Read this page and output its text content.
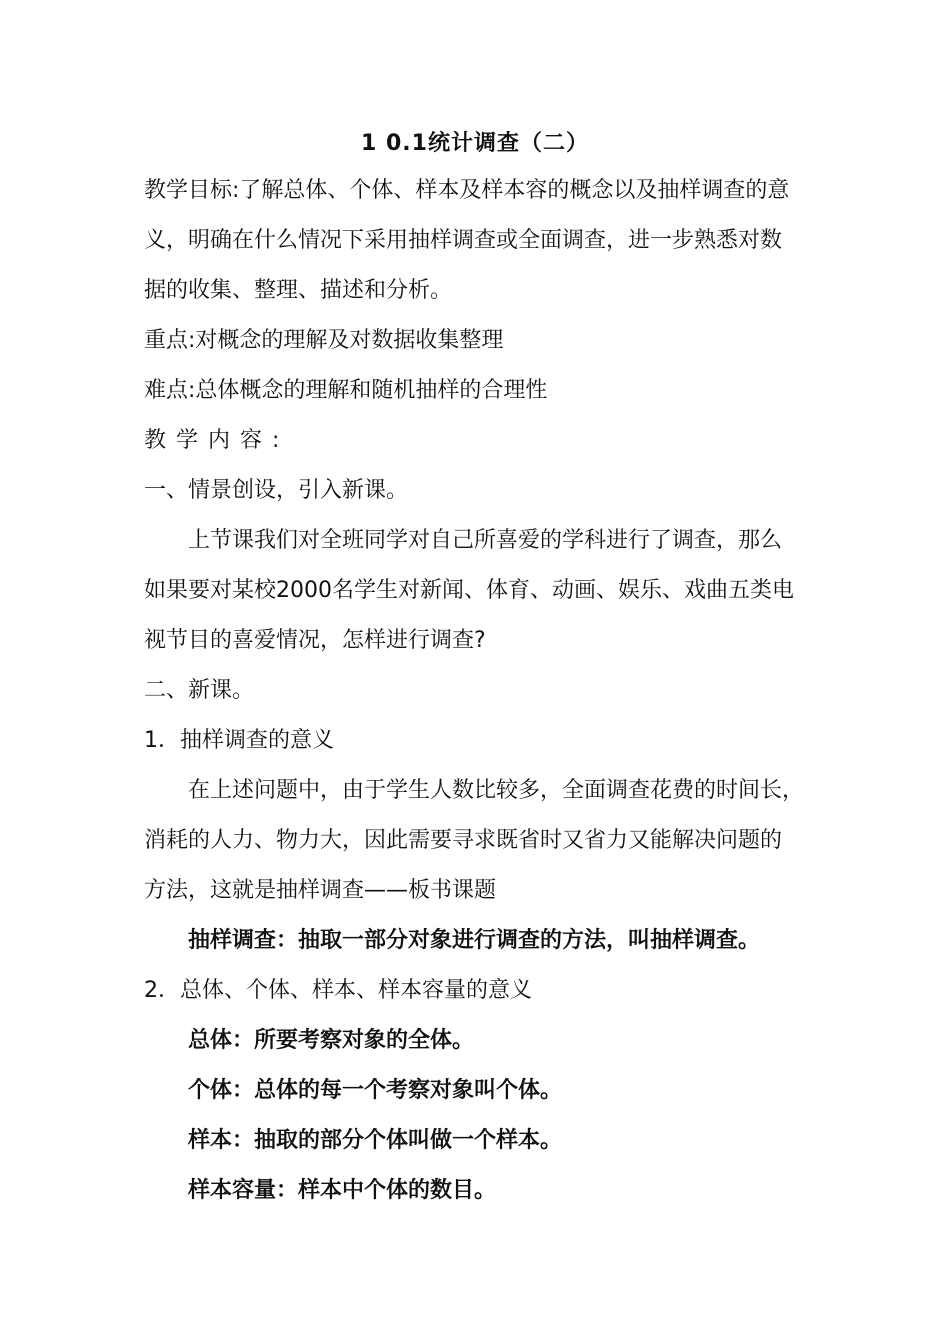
1 0.1统计调查（二）
教学目标:了解总体、个体、样本及样本容的概念以及抽样调查的意
义，明确在什么情况下采用抽样调查或全面调查，进一步熟悉对数
据的收集、整理、描述和分析。
重点:对概念的理解及对数据收集整理
难点:总体概念的理解和随机抽样的合理性
教学内容:
一、情景创设，引入新课。
上节课我们对全班同学对自己所喜爱的学科进行了调查，那么
如果要对某校2000名学生对新闻、体育、动画、娱乐、戏曲五类电
视节目的喜爱情况，怎样进行调查?
二、新课。
1．抽样调查的意义
在上述问题中，由于学生人数比较多，全面调查花费的时间长，
消耗的人力、物力大，因此需要寻求既省时又省力又能解决问题的
方法，这就是抽样调查——板书课题
抽样调查：抽取一部分对象进行调查的方法，叫抽样调查。
2．总体、个体、样本、样本容量的意义
总体：所要考察对象的全体。
个体：总体的每一个考察对象叫个体。
样本：抽取的部分个体叫做一个样本。
样本容量：样本中个体的数目。
